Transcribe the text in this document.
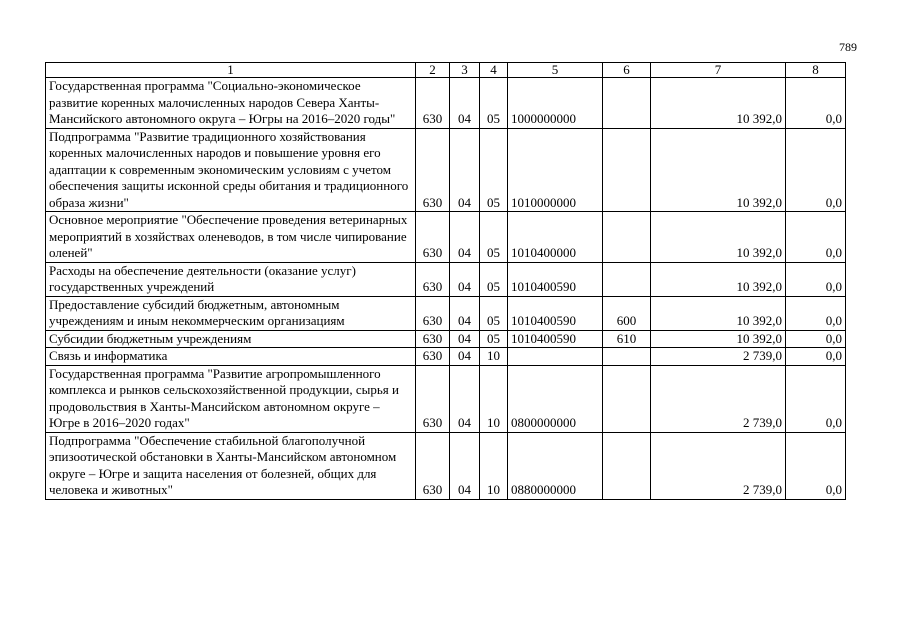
789
1	2	3	4	5	6	7	8
Государственная программа "Социально-экономическое развитие коренных малочисленных народов Севера Ханты-Мансийского автономного округа – Югры на 2016–2020 годы"	630	04	05	1000000000		10 392,0	0,0
Подпрограмма "Развитие традиционного хозяйствования коренных малочисленных народов и повышение уровня его адаптации к современным экономическим условиям с учетом обеспечения защиты исконной среды обитания и традиционного образа жизни"	630	04	05	1010000000		10 392,0	0,0
Основное мероприятие "Обеспечение проведения ветеринарных мероприятий в хозяйствах оленеводов, в том числе чипирование оленей"	630	04	05	1010400000		10 392,0	0,0
Расходы на обеспечение деятельности (оказание услуг) государственных учреждений	630	04	05	1010400590		10 392,0	0,0
Предоставление субсидий бюджетным, автономным учреждениям и иным некоммерческим организациям	630	04	05	1010400590	600	10 392,0	0,0
Субсидии бюджетным учреждениям	630	04	05	1010400590	610	10 392,0	0,0
Связь и информатика	630	04	10			2 739,0	0,0
Государственная программа "Развитие агропромышленного комплекса и рынков сельскохозяйственной продукции, сырья и продовольствия в Ханты-Мансийском автономном округе – Югре в 2016–2020 годах"	630	04	10	0800000000		2 739,0	0,0
Подпрограмма "Обеспечение стабильной благополучной эпизоотической обстановки в Ханты-Мансийском автономном округе – Югре и защита населения от болезней, общих для человека и животных"	630	04	10	0880000000		2 739,0	0,0
